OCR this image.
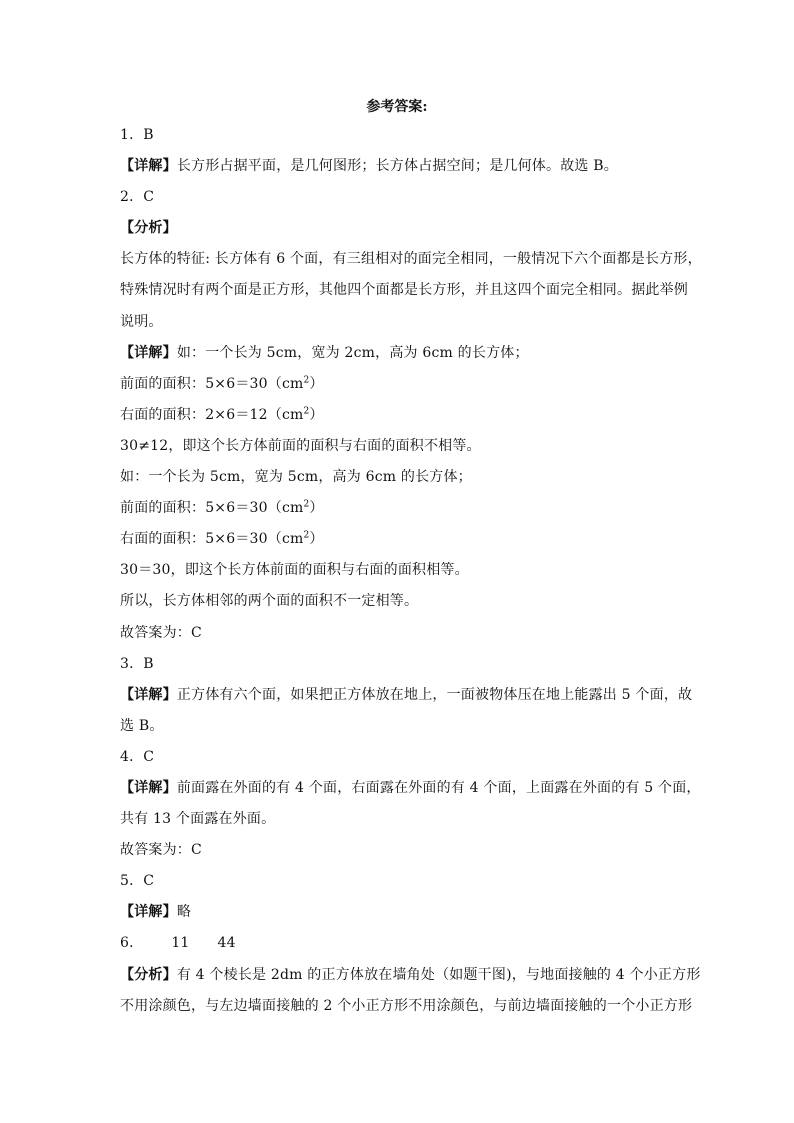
参考答案:
1．B
【详解】长方形占据平面，是几何图形；长方体占据空间；是几何体。故选 B。
2．C
【分析】
长方体的特征: 长方体有 6 个面，有三组相对的面完全相同，一般情况下六个面都是长方形，
特殊情况时有两个面是正方形，其他四个面都是长方形，并且这四个面完全相同。据此举例
说明。
【详解】如：一个长为 5cm，宽为 2cm，高为 6cm 的长方体；
前面的面积：$5\times 6=30(cm^2)$
右面的面积：$2\times 6=12(cm^2)$
30≠12，即这个长方体前面的面积与右面的面积不相等。
如：一个长为 5cm，宽为 5cm，高为 6cm 的长方体；
前面的面积：$5\times 6=30(cm^2)$
右面的面积：$5\times 6=30(cm^2)$
30＝30，即这个长方体前面的面积与右面的面积相等。
所以，长方体相邻的两个面的面积不一定相等。
故答案为：C
3．B
【详解】正方体有六个面，如果把正方体放在地上，一面被物体压在地上能露出 5 个面，故
选 B。
4．C
【详解】前面露在外面的有 4 个面，右面露在外面的有 4 个面，上面露在外面的有 5 个面，
共有 13 个面露在外面。
故答案为：C
5．C
【详解】略
6． 11 44
【分析】有 4 个棱长是 2dm 的正方体放在墙角处（如题干图)，与地面接触的 4 个小正方形
不用涂颜色，与左边墙面接触的 2 个小正方形不用涂颜色，与前边墙面接触的一个小正方形
